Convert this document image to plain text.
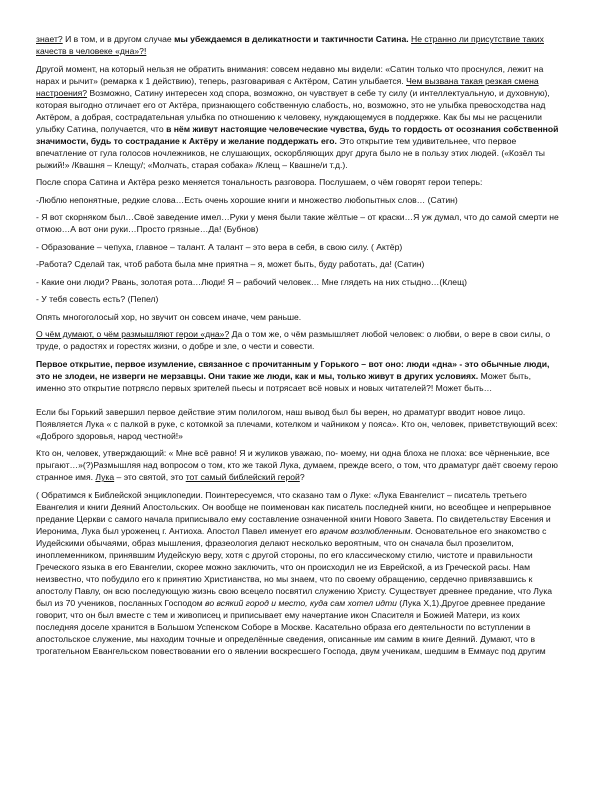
знает? И в том, и в другом случае мы убеждаемся в деликатности и тактичности Сатина. Не странно ли присутствие таких качеств в человеке «дна»?!

Другой момент, на который нельзя не обратить внимания: совсем недавно мы видели: «Сатин только что проснулся, лежит на нарах и рычит» (ремарка к 1 действию), теперь, разговаривая с Актёром, Сатин улыбается. Чем вызвана такая резкая смена настроения? Возможно, Сатину интересен ход спора, возможно, он чувствует в себе ту силу (и интеллектуальную, и духовную), которая выгодно отличает его от Актёра, признающего собственную слабость, но, возможно, это не улыбка превосходства над Актёром, а добрая, сострадательная улыбка по отношению к человеку, нуждающемуся в поддержке. Как бы мы не расценили улыбку Сатина, получается, что в нём живут настоящие человеческие чувства, будь то гордость от осознания собственной значимости, будь то сострадание к Актёру и желание поддержать его. Это открытие тем удивительнее, что первое впечатление от гула голосов ночлежников, не слушающих, оскорбляющих друг друга было не в пользу этих людей. («Козёл ты рыжий!» /Квашня – Клещу/; «Молчать, старая собака» /Клещ – Квашне/и т.д.).

После спора Сатина и Актёра резко меняется тональность разговора. Послушаем, о чём говорят герои теперь:

-Люблю непонятные, редкие слова…Есть очень хорошие книги и множество любопытных слов… (Сатин)

- Я вот скорняком был…Своё заведение имел…Руки у меня были такие жёлтые – от краски…Я уж думал, что до самой смерти не отмою…А вот они руки…Просто грязные…Да! (Бубнов)

- Образование – чепуха, главное – талант. А талант – это вера в себя, в свою силу. ( Актёр)

-Работа? Сделай так, чтоб работа была мне приятна – я, может быть, буду работать, да! (Сатин)

- Какие они люди? Рвань, золотая рота…Люди! Я – рабочий человек… Мне глядеть на них стыдно…(Клещ)

- У тебя совесть есть? (Пепел)

Опять многоголосый хор, но звучит он совсем иначе, чем раньше.

О чём думают, о чём размышляют герои «дна»? Да о том же, о чём размышляет любой человек: о любви, о вере в свои силы, о труде, о радостях и горестях жизни, о добре и зле, о чести и совести.

Первое открытие, первое изумление, связанное с прочитанным у Горького – вот оно: люди «дна» - это обычные люди, это не злодеи, не изверги не мерзавцы. Они такие же люди, как и мы, только живут в других условиях. Может быть, именно это открытие потрясло первых зрителей пьесы и потрясает всё новых и новых читателей?! Может быть…

Если бы Горький завершил первое действие этим полилогом, наш вывод был бы верен, но драматург вводит новое лицо. Появляется Лука « с палкой в руке, с котомкой за плечами, котелком и чайником у пояса». Кто он, человек, приветствующий всех: «Доброго здоровья, народ честной!»

Кто он, человек, утверждающий: « Мне всё равно! Я и жуликов уважаю, по- моему, ни одна блоха не плоха: все чёрненькие, все прыгают…»(?)Размышляя над вопросом о том, кто же такой Лука, думаем, прежде всего, о том, что драматург даёт своему герою странное имя. Лука – это святой, это тот самый библейский герой?

( Обратимся к Библейской энциклопедии. Поинтересуемся, что сказано там о Луке: «Лука Евангелист – писатель третьего Евангелия и книги Деяний Апостольских. Он вообще не поименован как писатель последней книги, но всеобщее и непрерывное предание Церкви с самого начала приписывало ему составление означенной книги Нового Завета. По свидетельству Евсения и Иеронима, Лука был уроженец г. Антиоха. Апостол Павел именует его врачом возлюбленным. Основательное его знакомство с Иудейскими обычаями, образ мышления, фразеология делают несколько вероятным, что он сначала был прозелитом, иноплеменником, принявшим Иудейскую веру, хотя с другой стороны, по его классическому стилю, чистоте и правильности Греческого языка в его Евангелии, скорее можно заключить, что он происходил не из Еврейской, а из Греческой расы. Нам неизвестно, что побудило его к принятию Христианства, но мы знаем, что по своему обращению, сердечно привязавшись к апостолу Павлу, он всю последующую жизнь свою всецело посвятил служению Христу. Существует древнее предание, что Лука был из 70 учеников, посланных Господом во всякий город и место, куда сам хотел идти (Лука Х,1).Другое древнее предание говорит, что он был вместе с тем и живописец и приписывает ему начертание икон Спасителя и Божией Матери, из коих последняя доселе хранится в Большом Успенском Соборе в Москве. Касательно образа его деятельности по вступлении в апостольское служение, мы находим точные и определённые сведения, описанные им самим в книге Деяний. Думают, что в трогательном Евангельском повествовании его о явлении воскресшего Господа, двум ученикам, шедшим в Еммаус под другим
